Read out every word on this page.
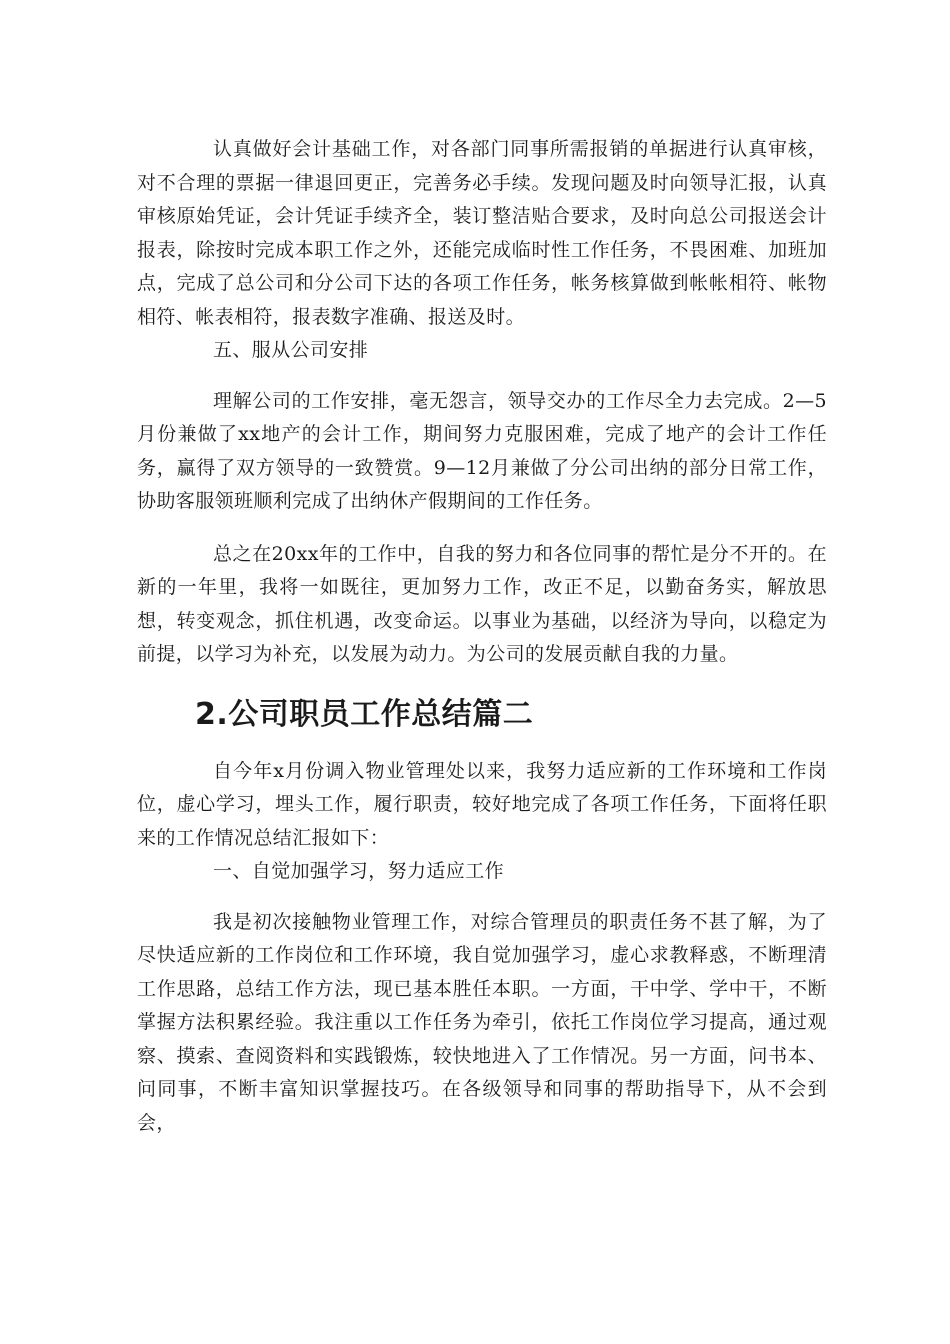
认真做好会计基础工作，对各部门同事所需报销的单据进行认真审核，对不合理的票据一律退回更正，完善务必手续。发现问题及时向领导汇报，认真审核原始凭证，会计凭证手续齐全，装订整洁贴合要求，及时向总公司报送会计报表，除按时完成本职工作之外，还能完成临时性工作任务，不畏困难、加班加点，完成了总公司和分公司下达的各项工作任务，帐务核算做到帐帐相符、帐物相符、帐表相符，报表数字准确、报送及时。

五、服从公司安排

理解公司的工作安排，毫无怨言，领导交办的工作尽全力去完成。2—5月份兼做了xx地产的会计工作，期间努力克服困难，完成了地产的会计工作任务，赢得了双方领导的一致赞赏。9—12月兼做了分公司出纳的部分日常工作，协助客服领班顺利完成了出纳休产假期间的工作任务。

总之在20xx年的工作中，自我的努力和各位同事的帮忙是分不开的。在新的一年里，我将一如既往，更加努力工作，改正不足，以勤奋务实，解放思想，转变观念，抓住机遇，改变命运。以事业为基础，以经济为导向，以稳定为前提，以学习为补充，以发展为动力。为公司的发展贡献自我的力量。

2.公司职员工作总结篇二

自今年x月份调入物业管理处以来，我努力适应新的工作环境和工作岗位，虚心学习，埋头工作，履行职责，较好地完成了各项工作任务，下面将任职来的工作情况总结汇报如下：

一、自觉加强学习，努力适应工作

我是初次接触物业管理工作，对综合管理员的职责任务不甚了解，为了尽快适应新的工作岗位和工作环境，我自觉加强学习，虚心求教释惑，不断理清工作思路，总结工作方法，现已基本胜任本职。一方面，干中学、学中干，不断掌握方法积累经验。我注重以工作任务为牵引，依托工作岗位学习提高，通过观察、摸索、查阅资料和实践锻炼，较快地进入了工作情况。另一方面，问书本、问同事，不断丰富知识掌握技巧。在各级领导和同事的帮助指导下，从不会到会，
